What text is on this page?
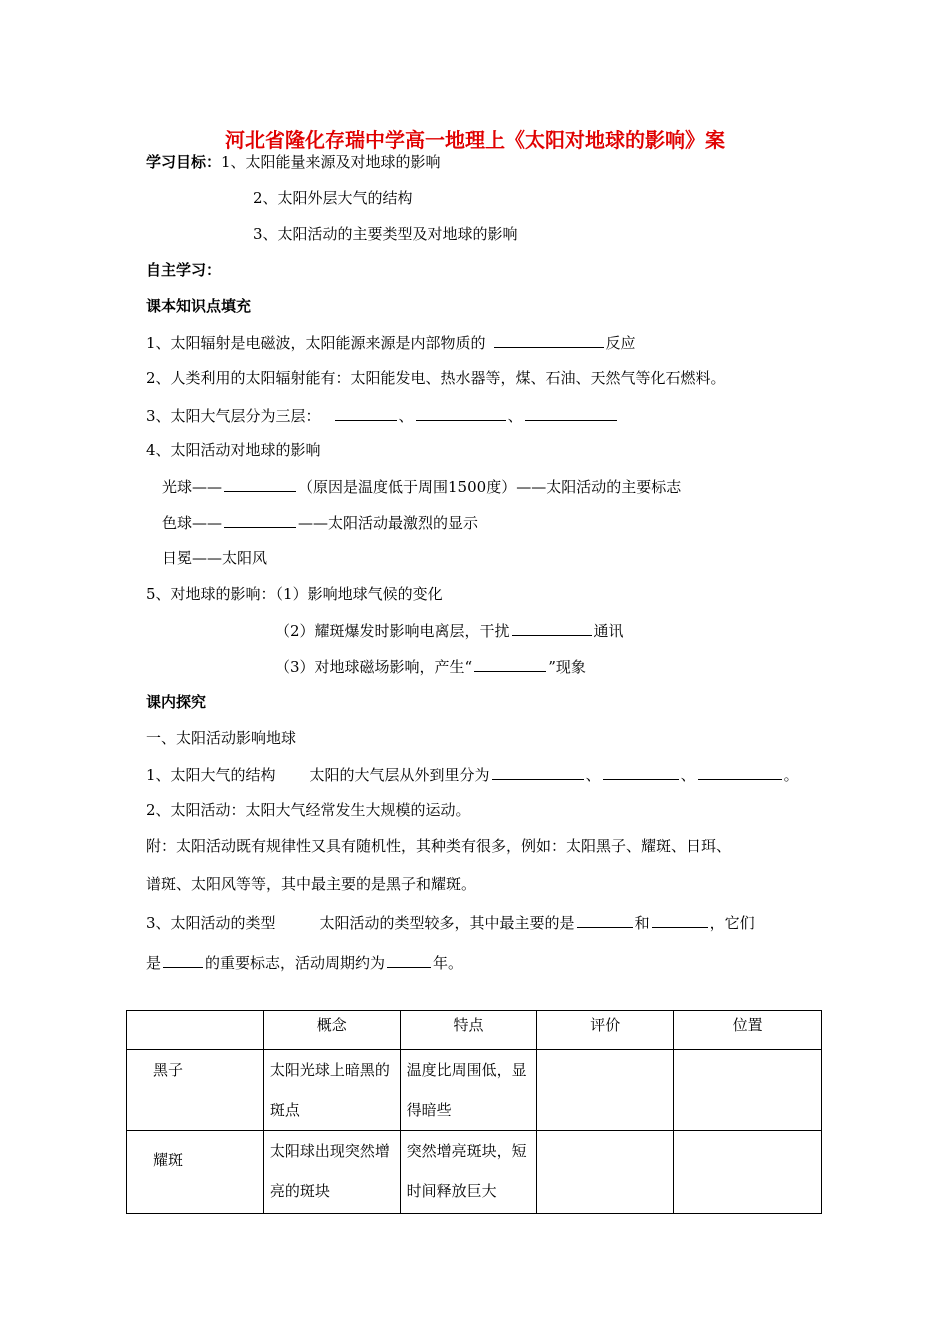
河北省隆化存瑞中学高一地理上《太阳对地球的影响》案
学习目标：1、太阳能量来源及对地球的影响
2、太阳外层大气的结构
3、太阳活动的主要类型及对地球的影响
自主学习：
课本知识点填充
1、太阳辐射是电磁波，太阳能源来源是内部物质的	反应
2、人类利用的太阳辐射能有：太阳能发电、热水器等，煤、石油、天然气等化石燃料。
3、太阳大气层分为三层：	、	、
4、太阳活动对地球的影响
光球——	（原因是温度低于周围1500度）——太阳活动的主要标志
色球——	——太阳活动最激烈的显示
日冕——太阳风
5、对地球的影响：（1）影响地球气候的变化
（2）耀斑爆发时影响电离层，干扰	通讯
（3）对地球磁场影响，产生“	”现象
课内探究
一、太阳活动影响地球
1、太阳大气的结构 太阳的大气层从外到里分为	、	、	。
2、太阳活动：太阳大气经常发生大规模的运动。
附：太阳活动既有规律性又具有随机性，其种类有很多，例如：太阳黑子、耀斑、日珥、
谱斑、太阳风等等，其中最主要的是黑子和耀斑。
3、太阳活动的类型	太阳活动的类型较多，其中最主要的是	和	，它们
是	的重要标志，活动周期约为	年。
	概念	特点	评价	位置
黑子	太阳光球上暗黑的斑点	温度比周围低，显得暗些		
耀斑	太阳球出现突然增亮的斑块	突然增亮斑块，短时间释放巨大		
